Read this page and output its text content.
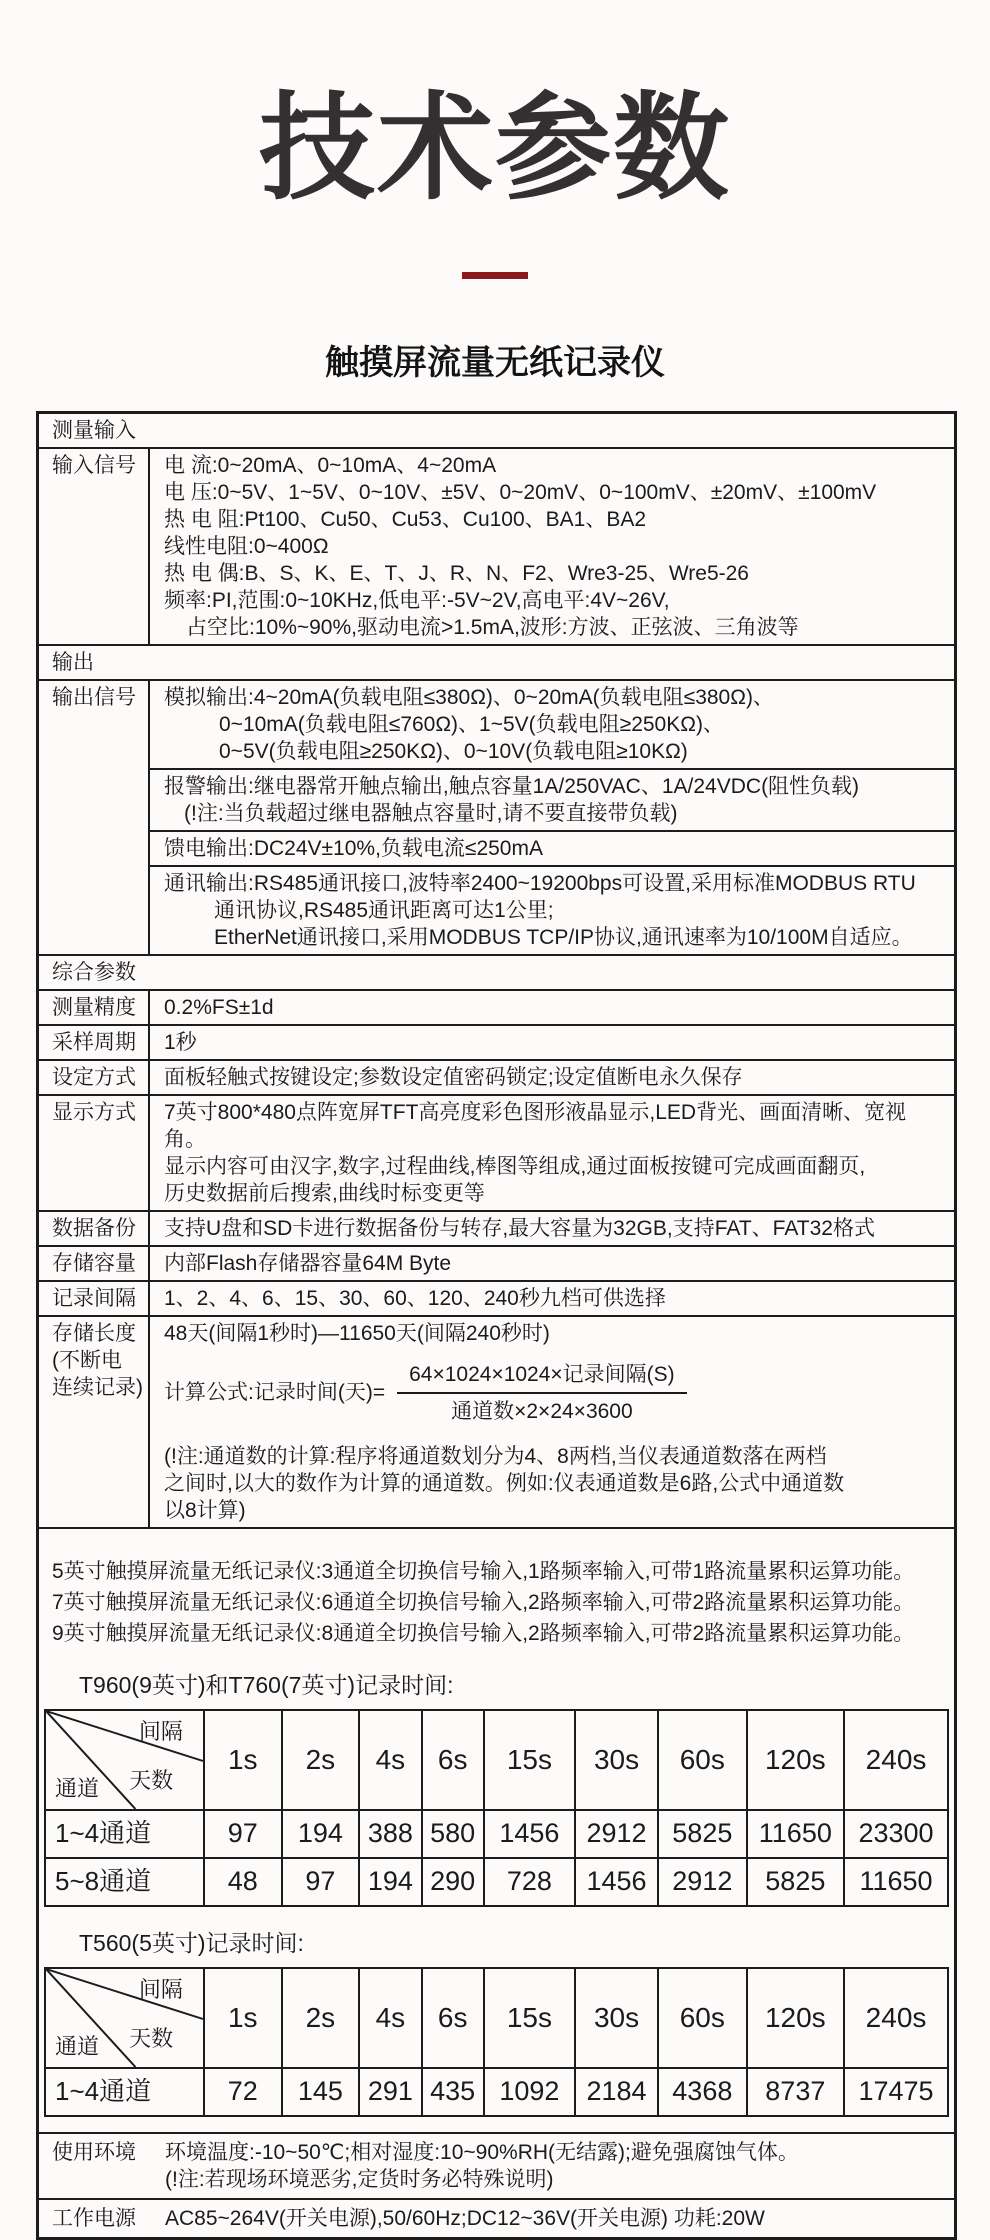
技术参数
触摸屏流量无纸记录仪
测量输入
输入信号	电 流:0~20mA、0~10mA、4~20mA
电 压:0~5V、1~5V、0~10V、±5V、0~20mV、0~100mV、±20mV、±100mV
热 电 阻:Pt100、Cu50、Cu53、Cu100、BA1、BA2
线性电阻:0~400Ω
热 电 偶:B、S、K、E、T、J、R、N、F2、Wre3-25、Wre5-26
频率:PI,范围:0~10KHz,低电平:-5V~2V,高电平:4V~26V,
占空比:10%~90%,驱动电流>1.5mA,波形:方波、正弦波、三角波等
输出
输出信号	模拟输出:4~20mA(负载电阻≤380Ω)、0~20mA(负载电阻≤380Ω)、
0~10mA(负载电阻≤760Ω)、1~5V(负载电阻≥250KΩ)、
0~5V(负载电阻≥250KΩ)、0~10V(负载电阻≥10KΩ)
报警输出:继电器常开触点输出,触点容量1A/250VAC、1A/24VDC(阻性负载)
(!注:当负载超过继电器触点容量时,请不要直接带负载)
馈电输出:DC24V±10%,负载电流≤250mA
通讯输出:RS485通讯接口,波特率2400~19200bps可设置,采用标准MODBUS RTU
通讯协议,RS485通讯距离可达1公里;
EtherNet通讯接口,采用MODBUS TCP/IP协议,通讯速率为10/100M自适应。
综合参数
测量精度	0.2%FS±1d
采样周期	1秒
设定方式	面板轻触式按键设定;参数设定值密码锁定;设定值断电永久保存
显示方式	7英寸800*480点阵宽屏TFT高亮度彩色图形液晶显示,LED背光、画面清晰、宽视角。
显示内容可由汉字,数字,过程曲线,棒图等组成,通过面板按键可完成画面翻页,
历史数据前后搜索,曲线时标变更等
数据备份	支持U盘和SD卡进行数据备份与转存,最大容量为32GB,支持FAT、FAT32格式
存储容量	内部Flash存储器容量64M Byte
记录间隔	1、2、4、6、15、30、60、120、240秒九档可供选择
存储长度
(不断电
连续记录)
48天(间隔1秒时)—11650天(间隔240秒时)
计算公式:记录时间(天)= $\frac{\text{64×1024×1024×记录间隔(S)}}{\text{通道数×2×24×3600}}$
(!注:通道数的计算:程序将通道数划分为4、8两档,当仪表通道数落在两档
之间时,以大的数作为计算的通道数。例如:仪表通道数是6路,公式中通道数
以8计算)
5英寸触摸屏流量无纸记录仪:3通道全切换信号输入,1路频率输入,可带1路流量累积运算功能。
7英寸触摸屏流量无纸记录仪:6通道全切换信号输入,2路频率输入,可带2路流量累积运算功能。
9英寸触摸屏流量无纸记录仪:8通道全切换信号输入,2路频率输入,可带2路流量累积运算功能。
T960(9英寸)和T760(7英寸)记录时间:
间隔
天数
通道	1s	2s	4s	6s	15s	30s	60s	120s	240s
1~4通道	97	194	388	580	1456	2912	5825	11650	23300
5~8通道	48	97	194	290	728	1456	2912	5825	11650
T560(5英寸)记录时间:
间隔
天数
通道	1s	2s	4s	6s	15s	30s	60s	120s	240s
1~4通道	72	145	291	435	1092	2184	4368	8737	17475
使用环境	环境温度:-10~50℃;相对湿度:10~90%RH(无结露);避免强腐蚀气体。
(!注:若现场环境恶劣,定货时务必特殊说明)
工作电源	AC85~264V(开关电源),50/60Hz;DC12~36V(开关电源) 功耗:20W
